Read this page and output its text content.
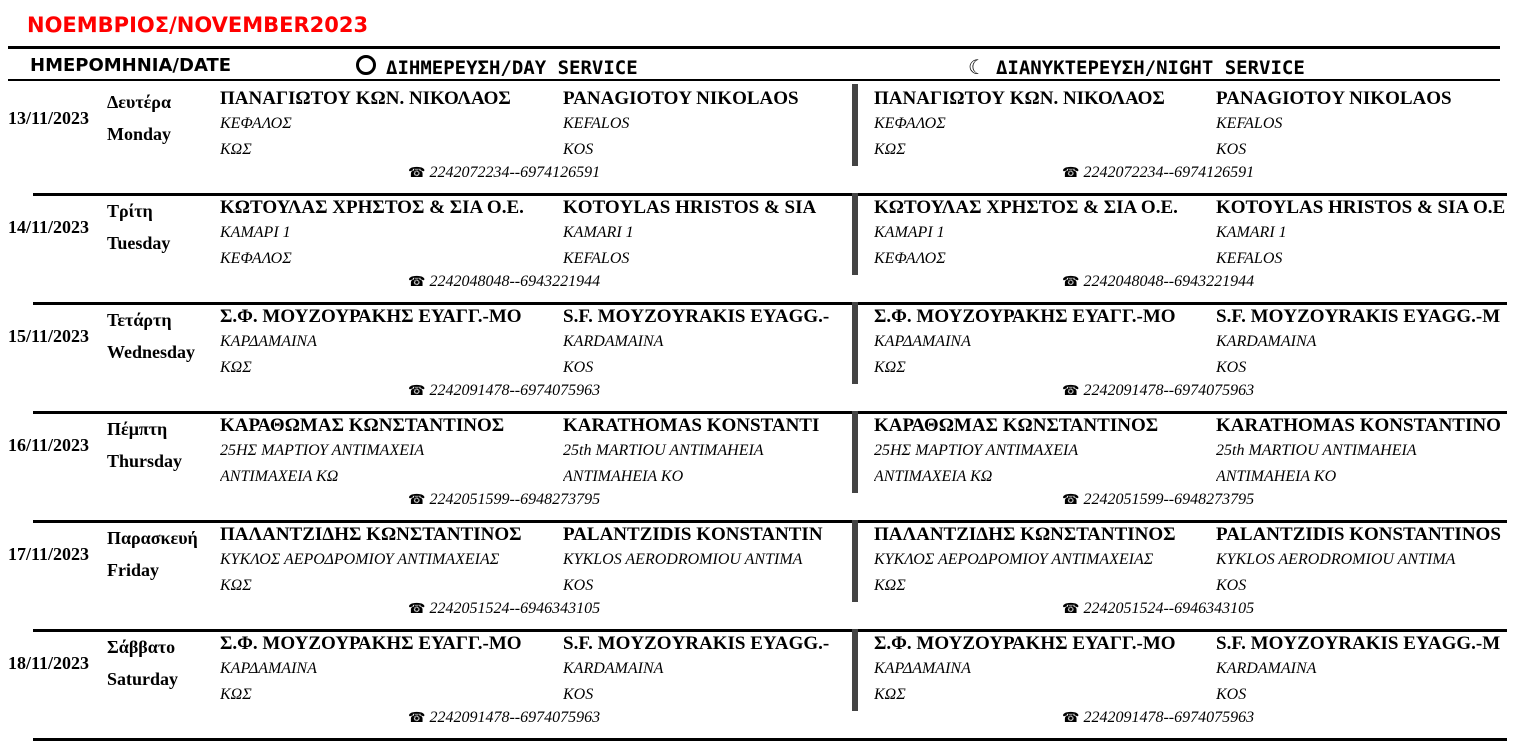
ΝΟΕΜΒΡΙΟΣ/NOVEMBER2023
ΗΜΕΡΟΜΗΝΙΑ/DATE	ΔΙΗΜΕΡΕΥΣΗ/DAY SERVICE	☾ ΔΙΑΝΥΚΤΕΡΕΥΣΗ/NIGHT SERVICE
13/11/2023
Δευτέρα
Monday
ΠΑΝΑΓΙΩΤΟΥ ΚΩΝ. ΝΙΚΟΛΑΟΣ
ΚΕΦΑΛΟΣ
ΚΩΣ
PANAGIOTOY NIKOLAOS
KEFALOS
KOS
☎ 2242072234--6974126591
ΠΑΝΑΓΙΩΤΟΥ ΚΩΝ. ΝΙΚΟΛΑΟΣ
ΚΕΦΑΛΟΣ
ΚΩΣ
PANAGIOTOY NIKOLAOS
KEFALOS
KOS
☎ 2242072234--6974126591
14/11/2023
Τρίτη
Tuesday
ΚΩΤΟΥΛΑΣ ΧΡΗΣΤΟΣ & ΣΙΑ Ο.Ε.
ΚΑΜΑΡΙ 1
ΚΕΦΑΛΟΣ
KOTOYLAS HRISTOS & SIA
KAMARI 1
KEFALOS
☎ 2242048048--6943221944
ΚΩΤΟΥΛΑΣ ΧΡΗΣΤΟΣ & ΣΙΑ Ο.Ε.
ΚΑΜΑΡΙ 1
ΚΕΦΑΛΟΣ
KOTOYLAS HRISTOS & SIA O.E
KAMARI 1
KEFALOS
☎ 2242048048--6943221944
15/11/2023
Τετάρτη
Wednesday
Σ.Φ. ΜΟΥΖΟΥΡΑΚΗΣ ΕΥΑΓΓ.-ΜΟ
ΚΑΡΔΑΜΑΙΝΑ
ΚΩΣ
S.F. MOYZOYRAKIS EYAGG.-
KARDAMAINA
KOS
☎ 2242091478--6974075963
Σ.Φ. ΜΟΥΖΟΥΡΑΚΗΣ ΕΥΑΓΓ.-ΜΟ
ΚΑΡΔΑΜΑΙΝΑ
ΚΩΣ
S.F. MOYZOYRAKIS EYAGG.-M
KARDAMAINA
KOS
☎ 2242091478--6974075963
16/11/2023
Πέμπτη
Thursday
ΚΑΡΑΘΩΜΑΣ ΚΩΝΣΤΑΝΤΙΝΟΣ
25ΗΣ ΜΑΡΤΙΟΥ ΑΝΤΙΜΑΧΕΙΑ
ΑΝΤΙΜΑΧΕΙΑ ΚΩ
KARATHOMAS KONSTANTI
25th MARTIOU ANTIMAHEIA
ANTIMAHEIA KO
☎ 2242051599--6948273795
ΚΑΡΑΘΩΜΑΣ ΚΩΝΣΤΑΝΤΙΝΟΣ
25ΗΣ ΜΑΡΤΙΟΥ ΑΝΤΙΜΑΧΕΙΑ
ΑΝΤΙΜΑΧΕΙΑ ΚΩ
KARATHOMAS KONSTANTINO
25th MARTIOU ANTIMAHEIA
ANTIMAHEIA KO
☎ 2242051599--6948273795
17/11/2023
Παρασκευή
Friday
ΠΑΛΑΝΤΖΙΔΗΣ ΚΩΝΣΤΑΝΤΙΝΟΣ
ΚΥΚΛΟΣ ΑΕΡΟΔΡΟΜΙΟΥ ΑΝΤΙΜΑΧΕΙΑΣ
ΚΩΣ
PALANTZIDIS KONSTANTIN
KYKLOS AERODROMIOU ANTIMA
KOS
☎ 2242051524--6946343105
ΠΑΛΑΝΤΖΙΔΗΣ ΚΩΝΣΤΑΝΤΙΝΟΣ
ΚΥΚΛΟΣ ΑΕΡΟΔΡΟΜΙΟΥ ΑΝΤΙΜΑΧΕΙΑΣ
ΚΩΣ
PALANTZIDIS KONSTANTINOS
KYKLOS AERODROMIOU ANTIMA
KOS
☎ 2242051524--6946343105
18/11/2023
Σάββατο
Saturday
Σ.Φ. ΜΟΥΖΟΥΡΑΚΗΣ ΕΥΑΓΓ.-ΜΟ
ΚΑΡΔΑΜΑΙΝΑ
ΚΩΣ
S.F. MOYZOYRAKIS EYAGG.-
KARDAMAINA
KOS
☎ 2242091478--6974075963
Σ.Φ. ΜΟΥΖΟΥΡΑΚΗΣ ΕΥΑΓΓ.-ΜΟ
ΚΑΡΔΑΜΑΙΝΑ
ΚΩΣ
S.F. MOYZOYRAKIS EYAGG.-M
KARDAMAINA
KOS
☎ 2242091478--6974075963
